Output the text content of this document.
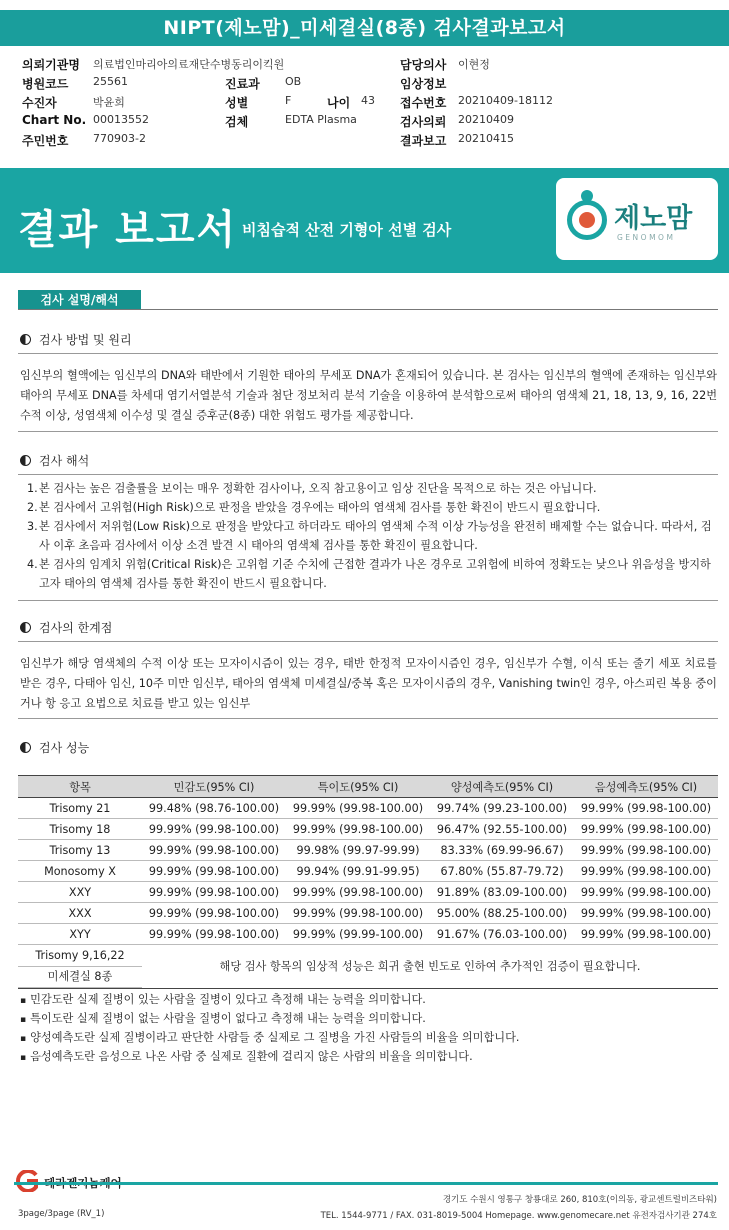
NIPT(제노맘)_미세결실(8종) 검사결과보고서
의뢰기관명 의료법인마리아의료재단수병동리이킥원	담당의사 이현정
병원코드 25561	진료과 OB	임상정보
수진자	박윤희	성별	F	나이 43 접수번호 20210409-18112
Chart No. 00013552	검체	EDTA Plasma	검사의뢰 20210409
주민번호 770903-2	결과보고 20210415
결과 보고서 비침습적 산전 기형아 선별 검사	제노맘
GENOMOM
검사 설명/해석
검사 방법 및 원리
임신부의 혈액에는 임신부의 DNA와 태반에서 기원한 태아의 무세포 DNA가 혼재되어 있습니다. 본 검사는 임신부의 혈액에 존재하는 임신부와 태아의 무세포 DNA를 차세대 염기서열분석 기술과 첨단 정보처리 분석 기술을 이용하여 분석함으로써 태아의 염색체 21, 18, 13, 9, 16, 22번 수적 이상, 성염색체 이수성 및 결실 증후군(8종) 대한 위험도 평가를 제공합니다.
검사 해석
1. 본 검사는 높은 검출률을 보이는 매우 정확한 검사이나, 오직 참고용이고 임상 진단을 목적으로 하는 것은 아닙니다.
2. 본 검사에서 고위험(High Risk)으로 판정을 받았을 경우에는 태아의 염색체 검사를 통한 확진이 반드시 필요합니다.
3. 본 검사에서 저위험(Low Risk)으로 판정을 받았다고 하더라도 태아의 염색체 수적 이상 가능성을 완전히 배제할 수는 없습니다. 따라서, 검사 이후 초음파 검사에서 이상 소견 발견 시 태아의 염색체 검사를 통한 확진이 필요합니다.
4. 본 검사의 임계치 위험(Critical Risk)은 고위험 기준 수치에 근접한 결과가 나온 경우로 고위험에 비하여 정확도는 낮으나 위음성을 방지하고자 태아의 염색체 검사를 통한 확진이 반드시 필요합니다.
검사의 한계점
임신부가 해당 염색체의 수적 이상 또는 모자이시즘이 있는 경우, 태반 한정적 모자이시즘인 경우, 임신부가 수혈, 이식 또는 줄기 세포 치료를 받은 경우, 다태아 임신, 10주 미만 임신부, 태아의 염색체 미세결실/중복 혹은 모자이시즘의 경우, Vanishing twin인 경우, 아스피린 복용 중이거나 항 응고 요법으로 치료를 받고 있는 임신부
검사 성능
항목	민감도(95% CI)	특이도(95% CI)	양성예측도(95% CI)	음성예측도(95% CI)
Trisomy 21	99.48% (98.76-100.00)	99.99% (99.98-100.00)	99.74% (99.23-100.00)	99.99% (99.98-100.00)
Trisomy 18	99.99% (99.98-100.00)	99.99% (99.98-100.00)	96.47% (92.55-100.00)	99.99% (99.98-100.00)
Trisomy 13	99.99% (99.98-100.00)	99.98% (99.97-99.99)	83.33% (69.99-96.67)	99.99% (99.98-100.00)
Monosomy X	99.99% (99.98-100.00)	99.94% (99.91-99.95)	67.80% (55.87-79.72)	99.99% (99.98-100.00)
XXY	99.99% (99.98-100.00)	99.99% (99.98-100.00)	91.89% (83.09-100.00)	99.99% (99.98-100.00)
XXX	99.99% (99.98-100.00)	99.99% (99.98-100.00)	95.00% (88.25-100.00)	99.99% (99.98-100.00)
XYY	99.99% (99.98-100.00)	99.99% (99.99-100.00)	91.67% (76.03-100.00)	99.99% (99.98-100.00)
Trisomy 9,16,22
미세결실 8종
해당 검사 항목의 임상적 성능은 희귀 출현 빈도로 인하여 추가적인 검증이 필요합니다.
▪ 민감도란 실제 질병이 있는 사람을 질병이 있다고 측정해 내는 능력을 의미합니다.
▪ 특이도란 실제 질병이 없는 사람을 질병이 없다고 측정해 내는 능력을 의미합니다.
▪ 양성예측도란 실제 질병이라고 판단한 사람들 중 실제로 그 질병을 가진 사람들의 비율을 의미합니다.
▪ 음성예측도란 음성으로 나온 사람 중 실제로 질환에 걸리지 않은 사람의 비율을 의미합니다.
경기도 수원시 영통구 창룡대로 260, 810호(이의동, 광교센트럴비즈타워)
TEL. 1544-9771 / FAX. 031-8019-5004 Homepage. www.genomecare.net 유전자검사기관 274호
3page/3page (RV_1)
